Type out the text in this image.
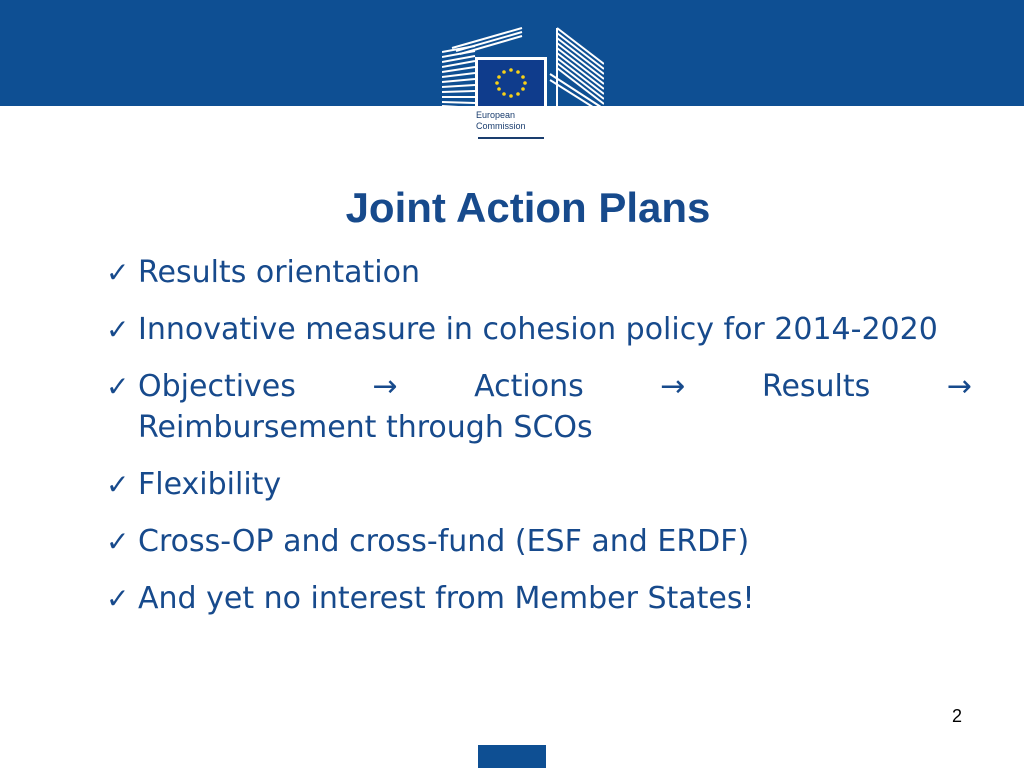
European
Commission
Joint Action Plans
✓ Results orientation
✓ Innovative measure in cohesion policy for 2014-2020
✓ Objectives	→	Actions	→	Results	→
Reimbursement through SCOs
✓ Flexibility
✓ Cross-OP and cross-fund (ESF and ERDF)
✓ And yet no interest from Member States!
2
